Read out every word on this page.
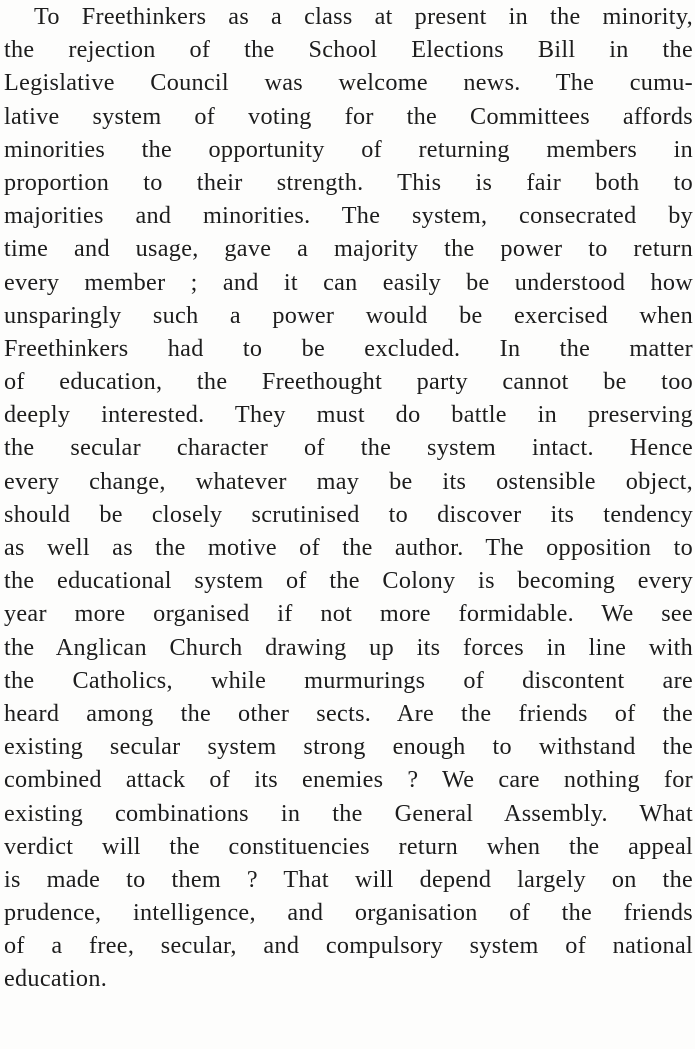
To Freethinkers as a class at present in the minority,
the rejection of the School Elections Bill in the
Legislative Council was welcome news. The cumu-
lative system of voting for the Committees affords
minorities the opportunity of returning members in
proportion to their strength. This is fair both to
majorities and minorities. The system, consecrated by
time and usage, gave a majority the power to return
every member ; and it can easily be understood how
unsparingly such a power would be exercised when
Freethinkers had to be excluded. In the matter
of education, the Freethought party cannot be too
deeply interested. They must do battle in preserving
the secular character of the system intact. Hence
every change, whatever may be its ostensible object,
should be closely scrutinised to discover its tendency
as well as the motive of the author. The opposition to
the educational system of the Colony is becoming every
year more organised if not more formidable. We see
the Anglican Church drawing up its forces in line with
the Catholics, while murmurings of discontent are
heard among the other sects. Are the friends of the
existing secular system strong enough to withstand the
combined attack of its enemies ? We care nothing for
existing combinations in the General Assembly. What
verdict will the constituencies return when the appeal
is made to them ? That will depend largely on the
prudence, intelligence, and organisation of the friends
of a free, secular, and compulsory system of national
education.
